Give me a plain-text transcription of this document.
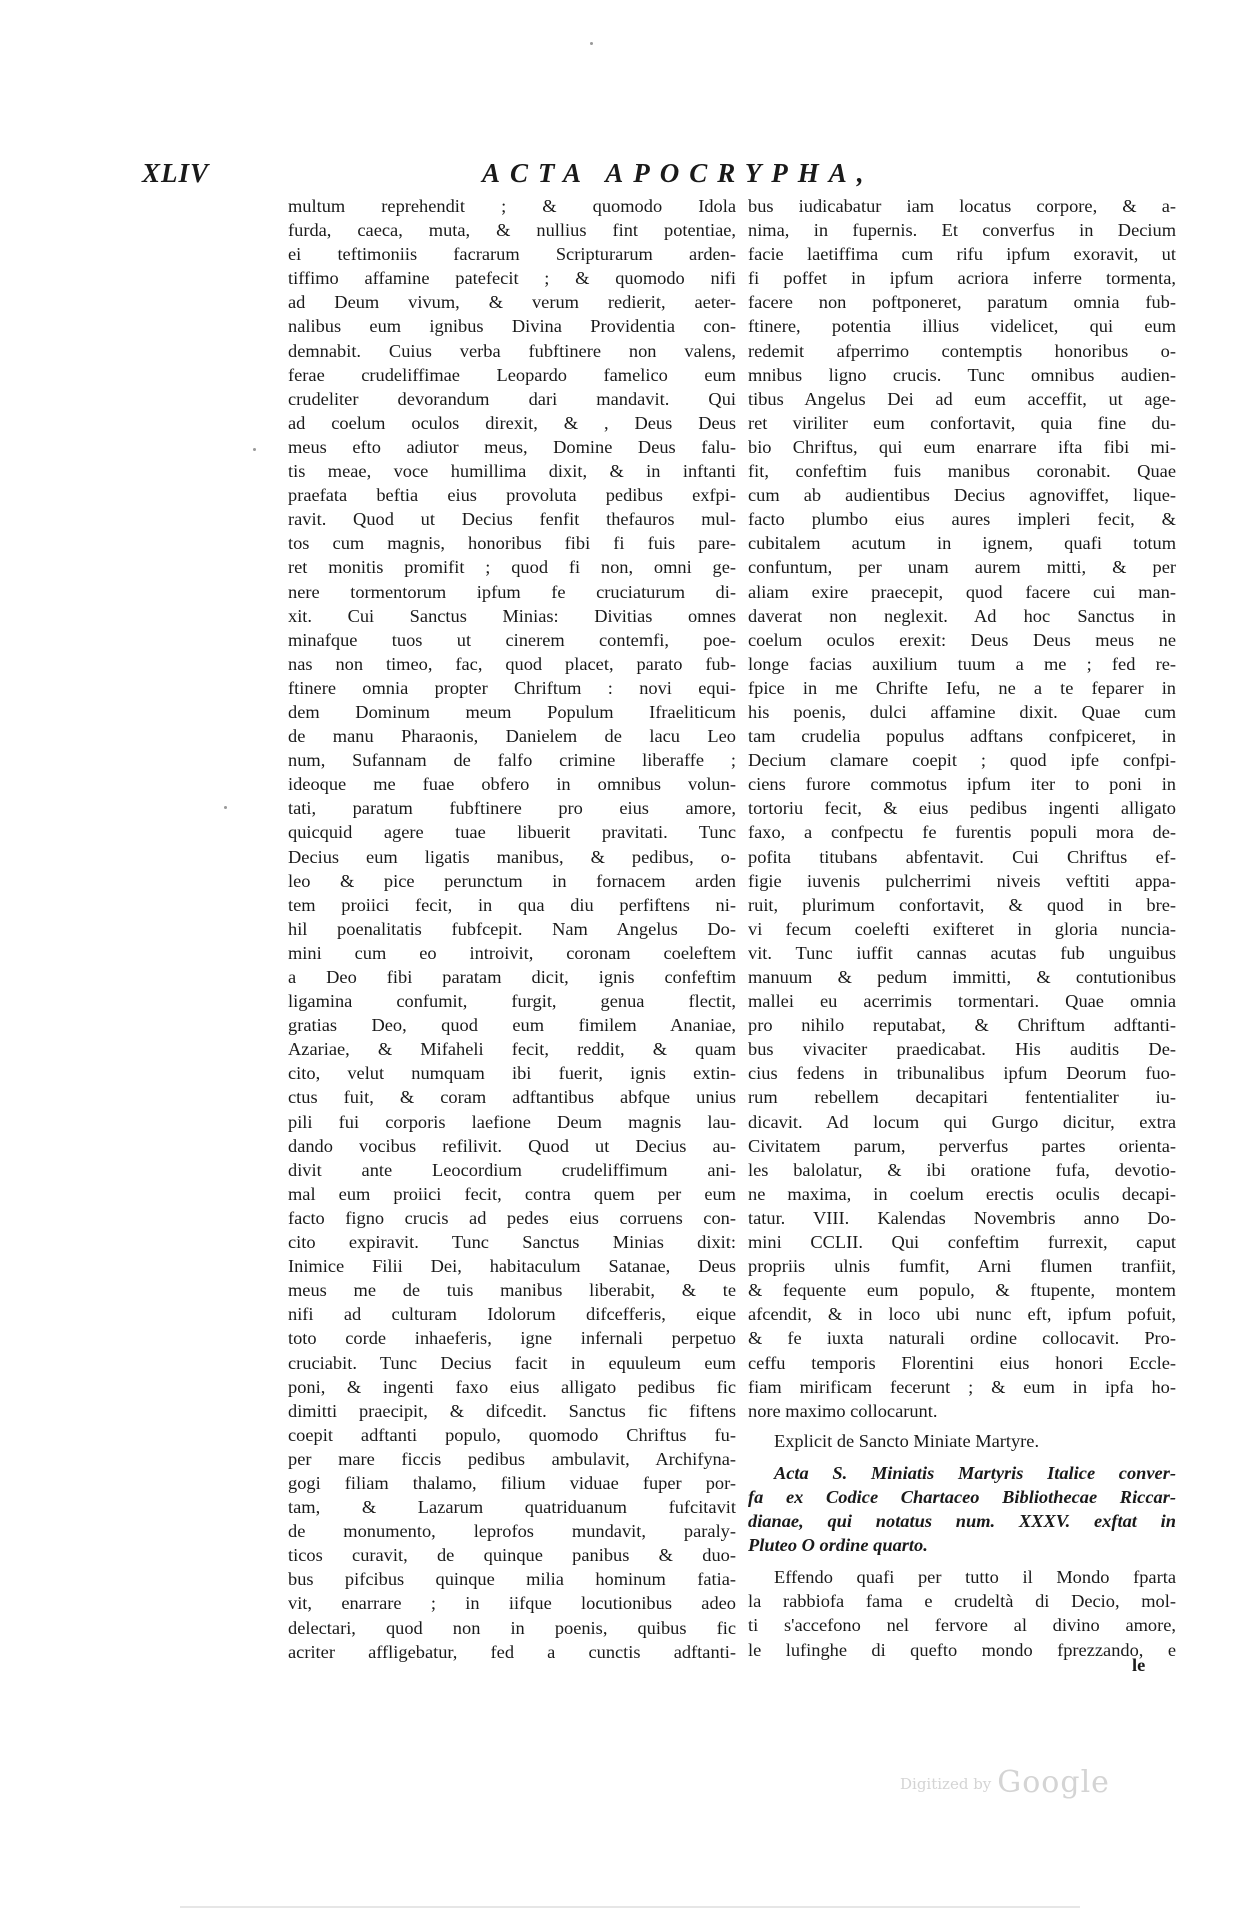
XLIV	ACTA APOCRYPHA,
multum reprehendit ; & quomodo Idola
furda, caeca, muta, & nullius fint potentiae,
ei teftimoniis facrarum Scripturarum arden-
tiffimo affamine patefecit ; & quomodo nifi
ad Deum vivum, & verum redierit, aeter-
nalibus eum ignibus Divina Providentia con-
demnabit. Cuius verba fubftinere non valens,
ferae crudeliffimae Leopardo famelico eum
crudeliter devorandum dari mandavit. Qui
ad coelum oculos direxit, & , Deus Deus
meus efto adiutor meus, Domine Deus falu-
tis meae, voce humillima dixit, & in inftanti
praefata beftia eius provoluta pedibus exfpi-
ravit. Quod ut Decius fenfit thefauros mul-
tos cum magnis, honoribus fibi fi fuis pare-
ret monitis promifit ; quod fi non, omni ge-
nere tormentorum ipfum fe cruciaturum di-
xit. Cui Sanctus Minias: Divitias omnes
minafque tuos ut cinerem contemfi, poe-
nas non timeo, fac, quod placet, parato fub-
ftinere omnia propter Chriftum : novi equi-
dem Dominum meum Populum Ifraeliticum
de manu Pharaonis, Danielem de lacu Leo
num, Sufannam de falfo crimine liberaffe ;
ideoque me fuae obfero in omnibus volun-
tati, paratum fubftinere pro eius amore,
quicquid agere tuae libuerit pravitati. Tunc
Decius eum ligatis manibus, & pedibus, o-
leo & pice perunctum in fornacem arden
tem proiici fecit, in qua diu perfiftens ni-
hil poenalitatis fubfcepit. Nam Angelus Do-
mini cum eo introivit, coronam coeleftem
a Deo fibi paratam dicit, ignis confeftim
ligamina confumit, furgit, genua flectit,
gratias Deo, quod eum fimilem Ananiae,
Azariae, & Mifaheli fecit, reddit, & quam
cito, velut numquam ibi fuerit, ignis extin-
ctus fuit, & coram adftantibus abfque unius
pili fui corporis laefione Deum magnis lau-
dando vocibus refilivit. Quod ut Decius au-
divit ante Leocordium crudeliffimum ani-
mal eum proiici fecit, contra quem per eum
facto figno crucis ad pedes eius corruens con-
cito expiravit. Tunc Sanctus Minias dixit:
Inimice Filii Dei, habitaculum Satanae, Deus
meus me de tuis manibus liberabit, & te
nifi ad culturam Idolorum difcefferis, eique
toto corde inhaeferis, igne infernali perpetuo
cruciabit. Tunc Decius facit in equuleum eum
poni, & ingenti faxo eius alligato pedibus fic
dimitti praecipit, & difcedit. Sanctus fic fiftens
coepit adftanti populo, quomodo Chriftus fu-
per mare ficcis pedibus ambulavit, Archifyna-
gogi filiam thalamo, filium viduae fuper por-
tam, & Lazarum quatriduanum fufcitavit
de monumento, leprofos mundavit, paraly-
ticos curavit, de quinque panibus & duo-
bus pifcibus quinque milia hominum fatia-
vit, enarrare ; in iifque locutionibus adeo
delectari, quod non in poenis, quibus fic
acriter affligebatur, fed a cunctis adftanti-
bus iudicabatur iam locatus corpore, & a-
nima, in fupernis. Et converfus in Decium
facie laetiffima cum rifu ipfum exoravit, ut
fi poffet in ipfum acriora inferre tormenta,
facere non poftponeret, paratum omnia fub-
ftinere, potentia illius videlicet, qui eum
redemit afperrimo contemptis honoribus o-
mnibus ligno crucis. Tunc omnibus audien-
tibus Angelus Dei ad eum acceffit, ut age-
ret viriliter eum confortavit, quia fine du-
bio Chriftus, qui eum enarrare ifta fibi mi-
fit, confeftim fuis manibus coronabit. Quae
cum ab audientibus Decius agnoviffet, lique-
facto plumbo eius aures impleri fecit, &
cubitalem acutum in ignem, quafi totum
confuntum, per unam aurem mitti, & per
aliam exire praecepit, quod facere cui man-
daverat non neglexit. Ad hoc Sanctus in
coelum oculos erexit: Deus Deus meus ne
longe facias auxilium tuum a me ; fed re-
fpice in me Chrifte Iefu, ne a te feparer in
his poenis, dulci affamine dixit. Quae cum
tam crudelia populus adftans confpiceret, in
Decium clamare coepit ; quod ipfe confpi-
ciens furore commotus ipfum iter to poni in
tortoriu fecit, & eius pedibus ingenti alligato
faxo, a confpectu fe furentis populi mora de-
pofita titubans abfentavit. Cui Chriftus ef-
figie iuvenis pulcherrimi niveis veftiti appa-
ruit, plurimum confortavit, & quod in bre-
vi fecum coelefti exifteret in gloria nuncia-
vit. Tunc iuffit cannas acutas fub unguibus
manuum & pedum immitti, & contutionibus
mallei eu acerrimis tormentari. Quae omnia
pro nihilo reputabat, & Chriftum adftanti-
bus vivaciter praedicabat. His auditis De-
cius fedens in tribunalibus ipfum Deorum fuo-
rum rebellem decapitari fententialiter iu-
dicavit. Ad locum qui Gurgo dicitur, extra
Civitatem parum, perverfus partes orienta-
les balolatur, & ibi oratione fufa, devotio-
ne maxima, in coelum erectis oculis decapi-
tatur. VIII. Kalendas Novembris anno Do-
mini CCLII. Qui confeftim furrexit, caput
propriis ulnis fumfit, Arni flumen tranfiit,
& fequente eum populo, & ftupente, montem
afcendit, & in loco ubi nunc eft, ipfum pofuit,
& fe iuxta naturali ordine collocavit. Pro-
ceffu temporis Florentini eius honori Eccle-
fiam mirificam fecerunt ; & eum in ipfa ho-
nore maximo collocarunt.
Explicit de Sancto Miniate Martyre.
Acta S. Miniatis Martyris Italice conver-
fa ex Codice Chartaceo Bibliothecae Riccar-
dianae, qui notatus num. XXXV. exftat in
Pluteo O ordine quarto.
Effendo quafi per tutto il Mondo fparta
la rabbiofa fama e crudeltà di Decio, mol-
ti s'accefono nel fervore al divino amore,
le lufinghe di quefto mondo fprezzando, e
le
Digitized by Google
